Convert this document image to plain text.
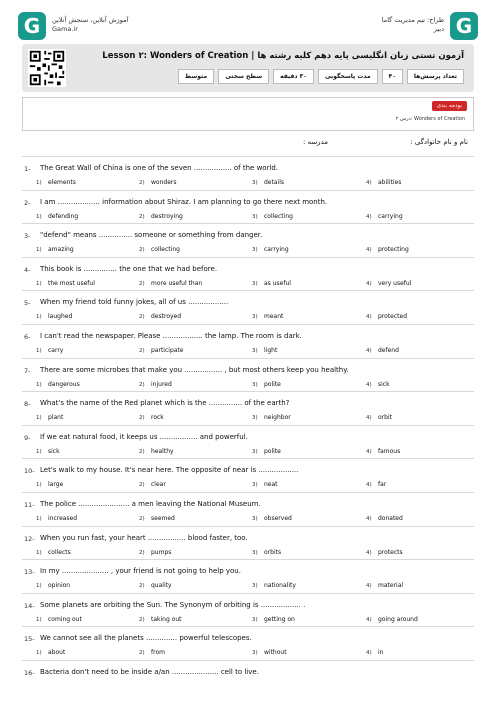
G	آموزش آنلاین، سنجش آنلاین
Gama.ir
طراح: تیم مدیریت گاما
دبیر G
آزمون تستی زبان انگلیسی پایه دهم کلیه رشته ها | Lesson ۲: Wonders of Creation
تعداد پرسش‌ها
۴۰
مدت پاسخگویی
۳۰ دقیقه
سطح سختی
متوسط
بودجه بندی
درس ۲: Wonders of Creation
نام و نام خانوادگی :
مدرسه :
1-	The Great Wall of China is one of the seven ................. of the world.
1) elements	2) wonders	3) details	4) abilities
2-	I am ................... information about Shiraz. I am planning to go there next month.
1) defending	2) destroying	3) collecting	4) carrying
3-	"defend" means ............... someone or something from danger.
1) amazing	2) collecting	3) carrying	4) protecting
4-	This book is ............... the one that we had before.
1) the most useful	2) more useful than	3) as useful	4) very useful
5-	When my friend told funny jokes, all of us ..................
1) laughed	2) destroyed	3) meant	4) protected
6-	I can't read the newspaper. Please .................. the lamp. The room is dark.
1) carry	2) participate	3) light	4) defend
7-	There are some microbes that make you ................. , but most others keep you healthy.
1) dangerous	2) injured	3) polite	4) sick
8-	What's the name of the Red planet which is the ............... of the earth?
1) plant	2) rock	3) neighbor	4) orbit
9-	If we eat natural food, it keeps us ................. and powerful.
1) sick	2) healthy	3) polite	4) famous
10- Let's walk to my house. It's near here. The opposite of near is ..................
1) large	2) clear	3) neat	4) far
11- The police ....................... a men leaving the National Museum.
1) increased	2) seemed	3) observed	4) donated
12- When you run fast, your heart ................. blood faster, too.
1) collects	2) pumps	3) orbits	4) protects
13- In my ..................... , your friend is not going to help you.
1) opinion	2) quality	3) nationality	4) material
14- Some planets are orbiting the Sun. The Synonym of orbiting is .................. .
1) coming out	2) taking out	3) getting on	4) going around
15- We cannot see all the planets .............. powerful telescopes.
1) about	2) from	3) without	4) in
16- Bacteria don't need to be inside a/an ..................... cell to live.
